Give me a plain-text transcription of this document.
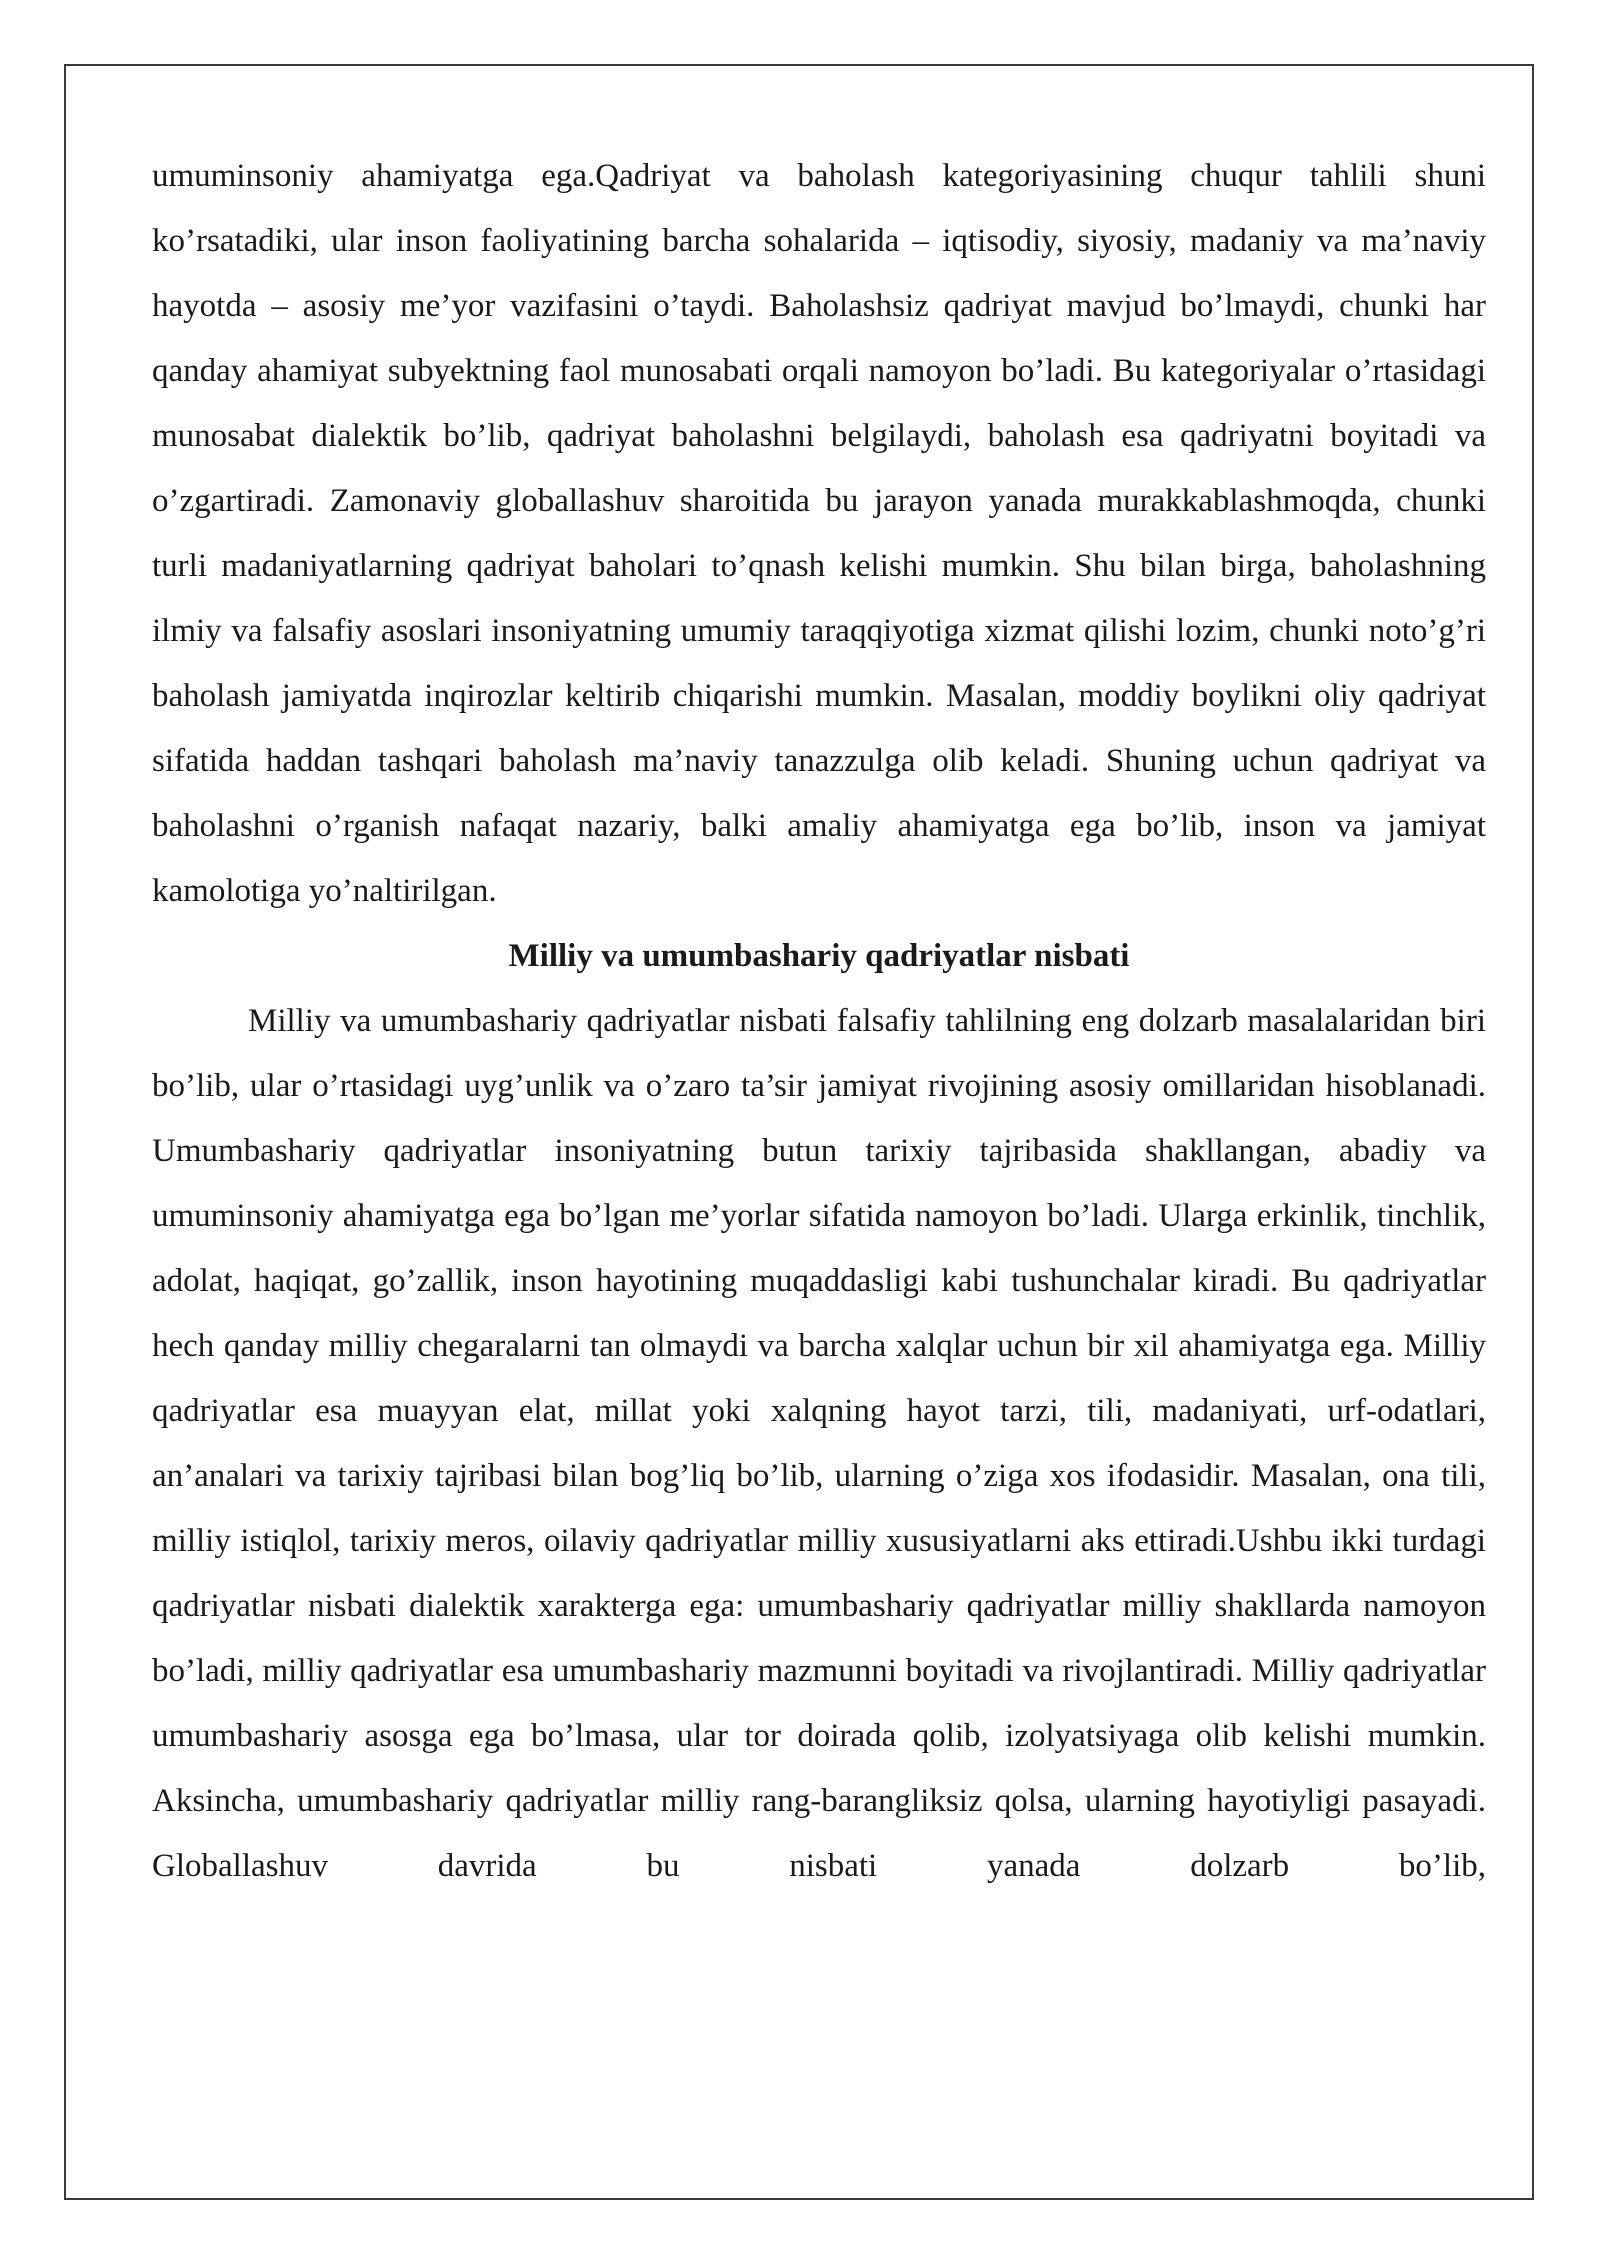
umuminsoniy ahamiyatga ega.Qadriyat va baholash kategoriyasining chuqur tahlili shuni ko’rsatadiki, ular inson faoliyatining barcha sohalarida – iqtisodiy, siyosiy, madaniy va ma’naviy hayotda – asosiy me’yor vazifasini o’taydi. Baholashsiz qadriyat mavjud bo’lmaydi, chunki har qanday ahamiyat subyektning faol munosabati orqali namoyon bo’ladi. Bu kategoriyalar o’rtasidagi munosabat dialektik bo’lib, qadriyat baholashni belgilaydi, baholash esa qadriyatni boyitadi va o’zgartiradi. Zamonaviy globallashuv sharoitida bu jarayon yanada murakkablashmoqda, chunki turli madaniyatlarning qadriyat baholari to’qnash kelishi mumkin. Shu bilan birga, baholashning ilmiy va falsafiy asoslari insoniyatning umumiy taraqqiyotiga xizmat qilishi lozim, chunki noto’g’ri baholash jamiyatda inqirozlar keltirib chiqarishi mumkin. Masalan, moddiy boylikni oliy qadriyat sifatida haddan tashqari baholash ma’naviy tanazzulga olib keladi. Shuning uchun qadriyat va baholashni o’rganish nafaqat nazariy, balki amaliy ahamiyatga ega bo’lib, inson va jamiyat kamolotiga yo’naltirilgan.

Milliy va umumbashariy qadriyatlar nisbati

Milliy va umumbashariy qadriyatlar nisbati falsafiy tahlilning eng dolzarb masalalaridan biri bo’lib, ular o’rtasidagi uyg’unlik va o’zaro ta’sir jamiyat rivojining asosiy omillaridan hisoblanadi. Umumbashariy qadriyatlar insoniyatning butun tarixiy tajribasida shakllangan, abadiy va umuminsoniy ahamiyatga ega bo’lgan me’yorlar sifatida namoyon bo’ladi. Ularga erkinlik, tinchlik, adolat, haqiqat, go’zallik, inson hayotining muqaddasligi kabi tushunchalar kiradi. Bu qadriyatlar hech qanday milliy chegaralarni tan olmaydi va barcha xalqlar uchun bir xil ahamiyatga ega. Milliy qadriyatlar esa muayyan elat, millat yoki xalqning hayot tarzi, tili, madaniyati, urf-odatlari, an’analari va tarixiy tajribasi bilan bog’liq bo’lib, ularning o’ziga xos ifodasidir. Masalan, ona tili, milliy istiqlol, tarixiy meros, oilaviy qadriyatlar milliy xususiyatlarni aks ettiradi.Ushbu ikki turdagi qadriyatlar nisbati dialektik xarakterga ega: umumbashariy qadriyatlar milliy shakllarda namoyon bo’ladi, milliy qadriyatlar esa umumbashariy mazmunni boyitadi va rivojlantiradi. Milliy qadriyatlar umumbashariy asosga ega bo’lmasa, ular tor doirada qolib, izolyatsiyaga olib kelishi mumkin. Aksincha, umumbashariy qadriyatlar milliy rang-barangliksiz qolsa, ularning hayotiyligi pasayadi. Globallashuv davrida bu nisbati yanada dolzarb bo’lib,
